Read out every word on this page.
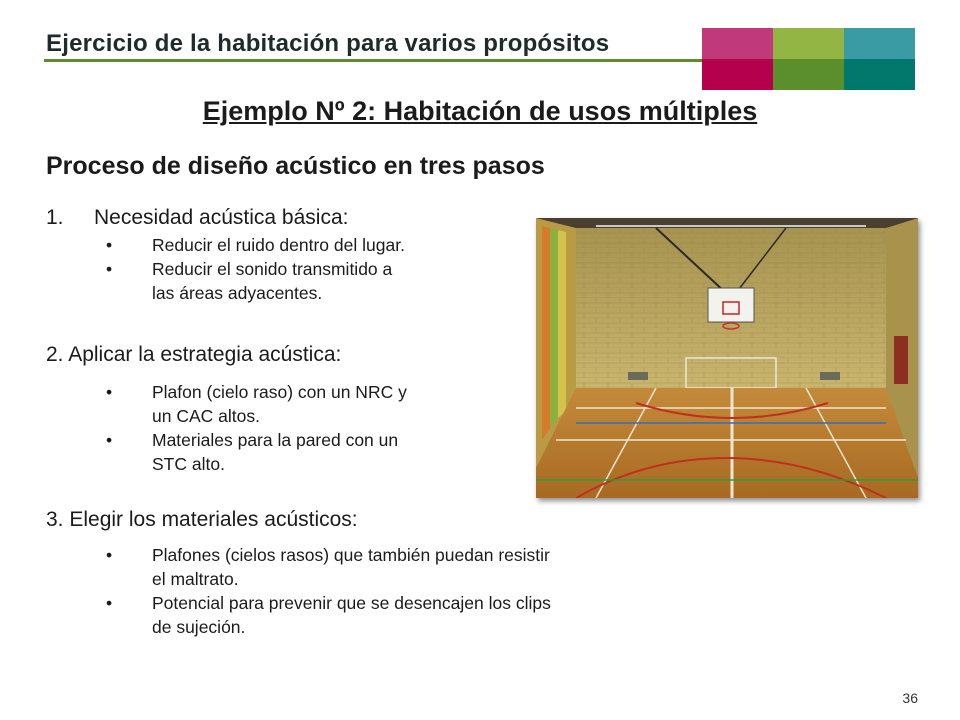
Ejercicio de la habitación para varios propósitos
Ejemplo Nº 2: Habitación de usos múltiples
Proceso de diseño acústico en tres pasos
1. Necesidad acústica básica:
• Reducir el ruido dentro del lugar.
• Reducir el sonido transmitido a
las áreas adyacentes.
2. Aplicar la estrategia acústica:
• Plafon (cielo raso) con un NRC y
un CAC altos.
• Materiales para la pared con un
STC alto.
3. Elegir los materiales acústicos:
• Plafones (cielos rasos) que también puedan resistir
el maltrato.
• Potencial para prevenir que se desencajen los clips
de sujeción.
36
